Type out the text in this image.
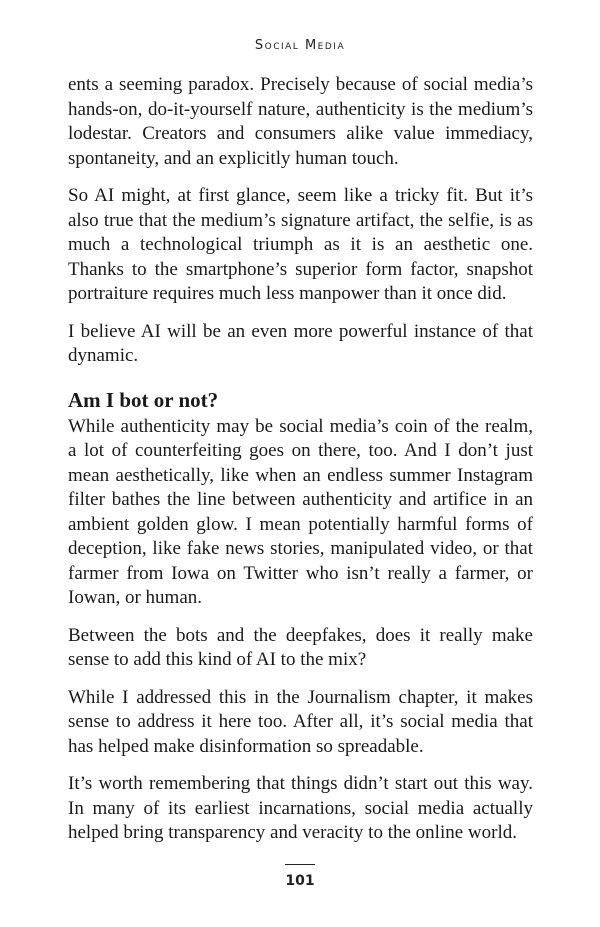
Social Media

ents a seeming paradox. Precisely because of social media’s hands-on, do-it-yourself nature, authenticity is the medium’s lodestar. Creators and consumers alike value immediacy, spontaneity, and an explicitly human touch.

So AI might, at first glance, seem like a tricky fit. But it’s also true that the medium’s signature artifact, the selfie, is as much a technological triumph as it is an aesthetic one. Thanks to the smartphone’s superior form factor, snapshot portraiture requires much less manpower than it once did.

I believe AI will be an even more powerful instance of that dynamic.

Am I bot or not?

While authenticity may be social media’s coin of the realm, a lot of counterfeiting goes on there, too. And I don’t just mean aesthetically, like when an endless summer Instagram filter bathes the line between authenticity and artifice in an ambient golden glow. I mean potentially harmful forms of deception, like fake news stories, manipulated video, or that farmer from Iowa on Twitter who isn’t really a farmer, or Iowan, or human.

Between the bots and the deepfakes, does it really make sense to add this kind of AI to the mix?

While I addressed this in the Journalism chapter, it makes sense to address it here too. After all, it’s social media that has helped make disinformation so spreadable.

It’s worth remembering that things didn’t start out this way. In many of its earliest incarnations, social media actually helped bring transparency and veracity to the online world.

101
